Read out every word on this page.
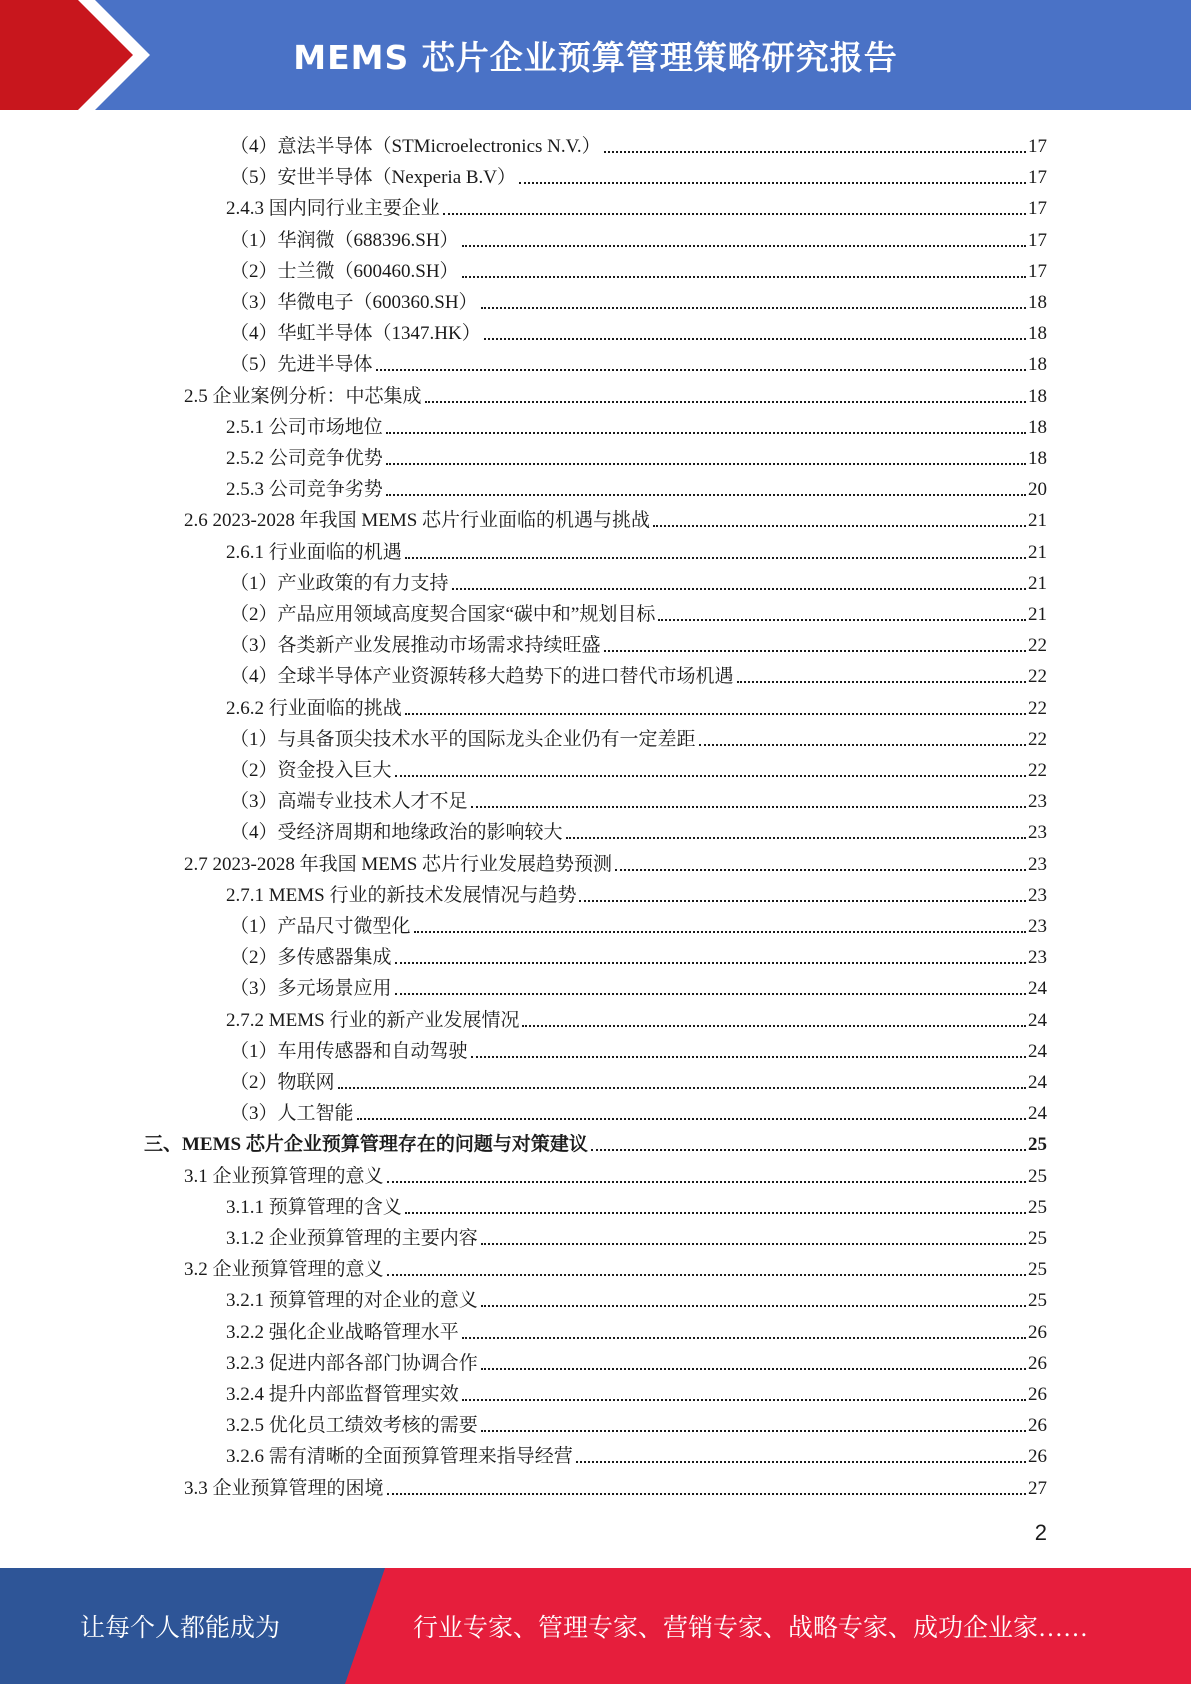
MEMS 芯片企业预算管理策略研究报告
（4）意法半导体（STMicroelectronics N.V.）	17
（5）安世半导体（Nexperia B.V）	17
2.4.3 国内同行业主要企业	17
（1）华润微（688396.SH）	17
（2）士兰微（600460.SH）	17
（3）华微电子（600360.SH）	18
（4）华虹半导体（1347.HK）	18
（5）先进半导体	18
2.5 企业案例分析：中芯集成	18
2.5.1 公司市场地位	18
2.5.2 公司竞争优势	18
2.5.3 公司竞争劣势	20
2.6 2023-2028 年我国 MEMS 芯片行业面临的机遇与挑战	21
2.6.1 行业面临的机遇	21
（1）产业政策的有力支持	21
（2）产品应用领域高度契合国家“碳中和”规划目标	21
（3）各类新产业发展推动市场需求持续旺盛	22
（4）全球半导体产业资源转移大趋势下的进口替代市场机遇	22
2.6.2 行业面临的挑战	22
（1）与具备顶尖技术水平的国际龙头企业仍有一定差距	22
（2）资金投入巨大	22
（3）高端专业技术人才不足	23
（4）受经济周期和地缘政治的影响较大	23
2.7 2023-2028 年我国 MEMS 芯片行业发展趋势预测	23
2.7.1 MEMS 行业的新技术发展情况与趋势	23
（1）产品尺寸微型化	23
（2）多传感器集成	23
（3）多元场景应用	24
2.7.2 MEMS 行业的新产业发展情况	24
（1）车用传感器和自动驾驶	24
（2）物联网	24
（3）人工智能	24
三、MEMS 芯片企业预算管理存在的问题与对策建议	25
3.1 企业预算管理的意义	25
3.1.1 预算管理的含义	25
3.1.2 企业预算管理的主要内容	25
3.2 企业预算管理的意义	25
3.2.1 预算管理的对企业的意义	25
3.2.2 强化企业战略管理水平	26
3.2.3 促进内部各部门协调合作	26
3.2.4 提升内部监督管理实效	26
3.2.5 优化员工绩效考核的需要	26
3.2.6 需有清晰的全面预算管理来指导经营	26
3.3 企业预算管理的困境	27
2
让每个人都能成为	行业专家、管理专家、营销专家、战略专家、成功企业家……
